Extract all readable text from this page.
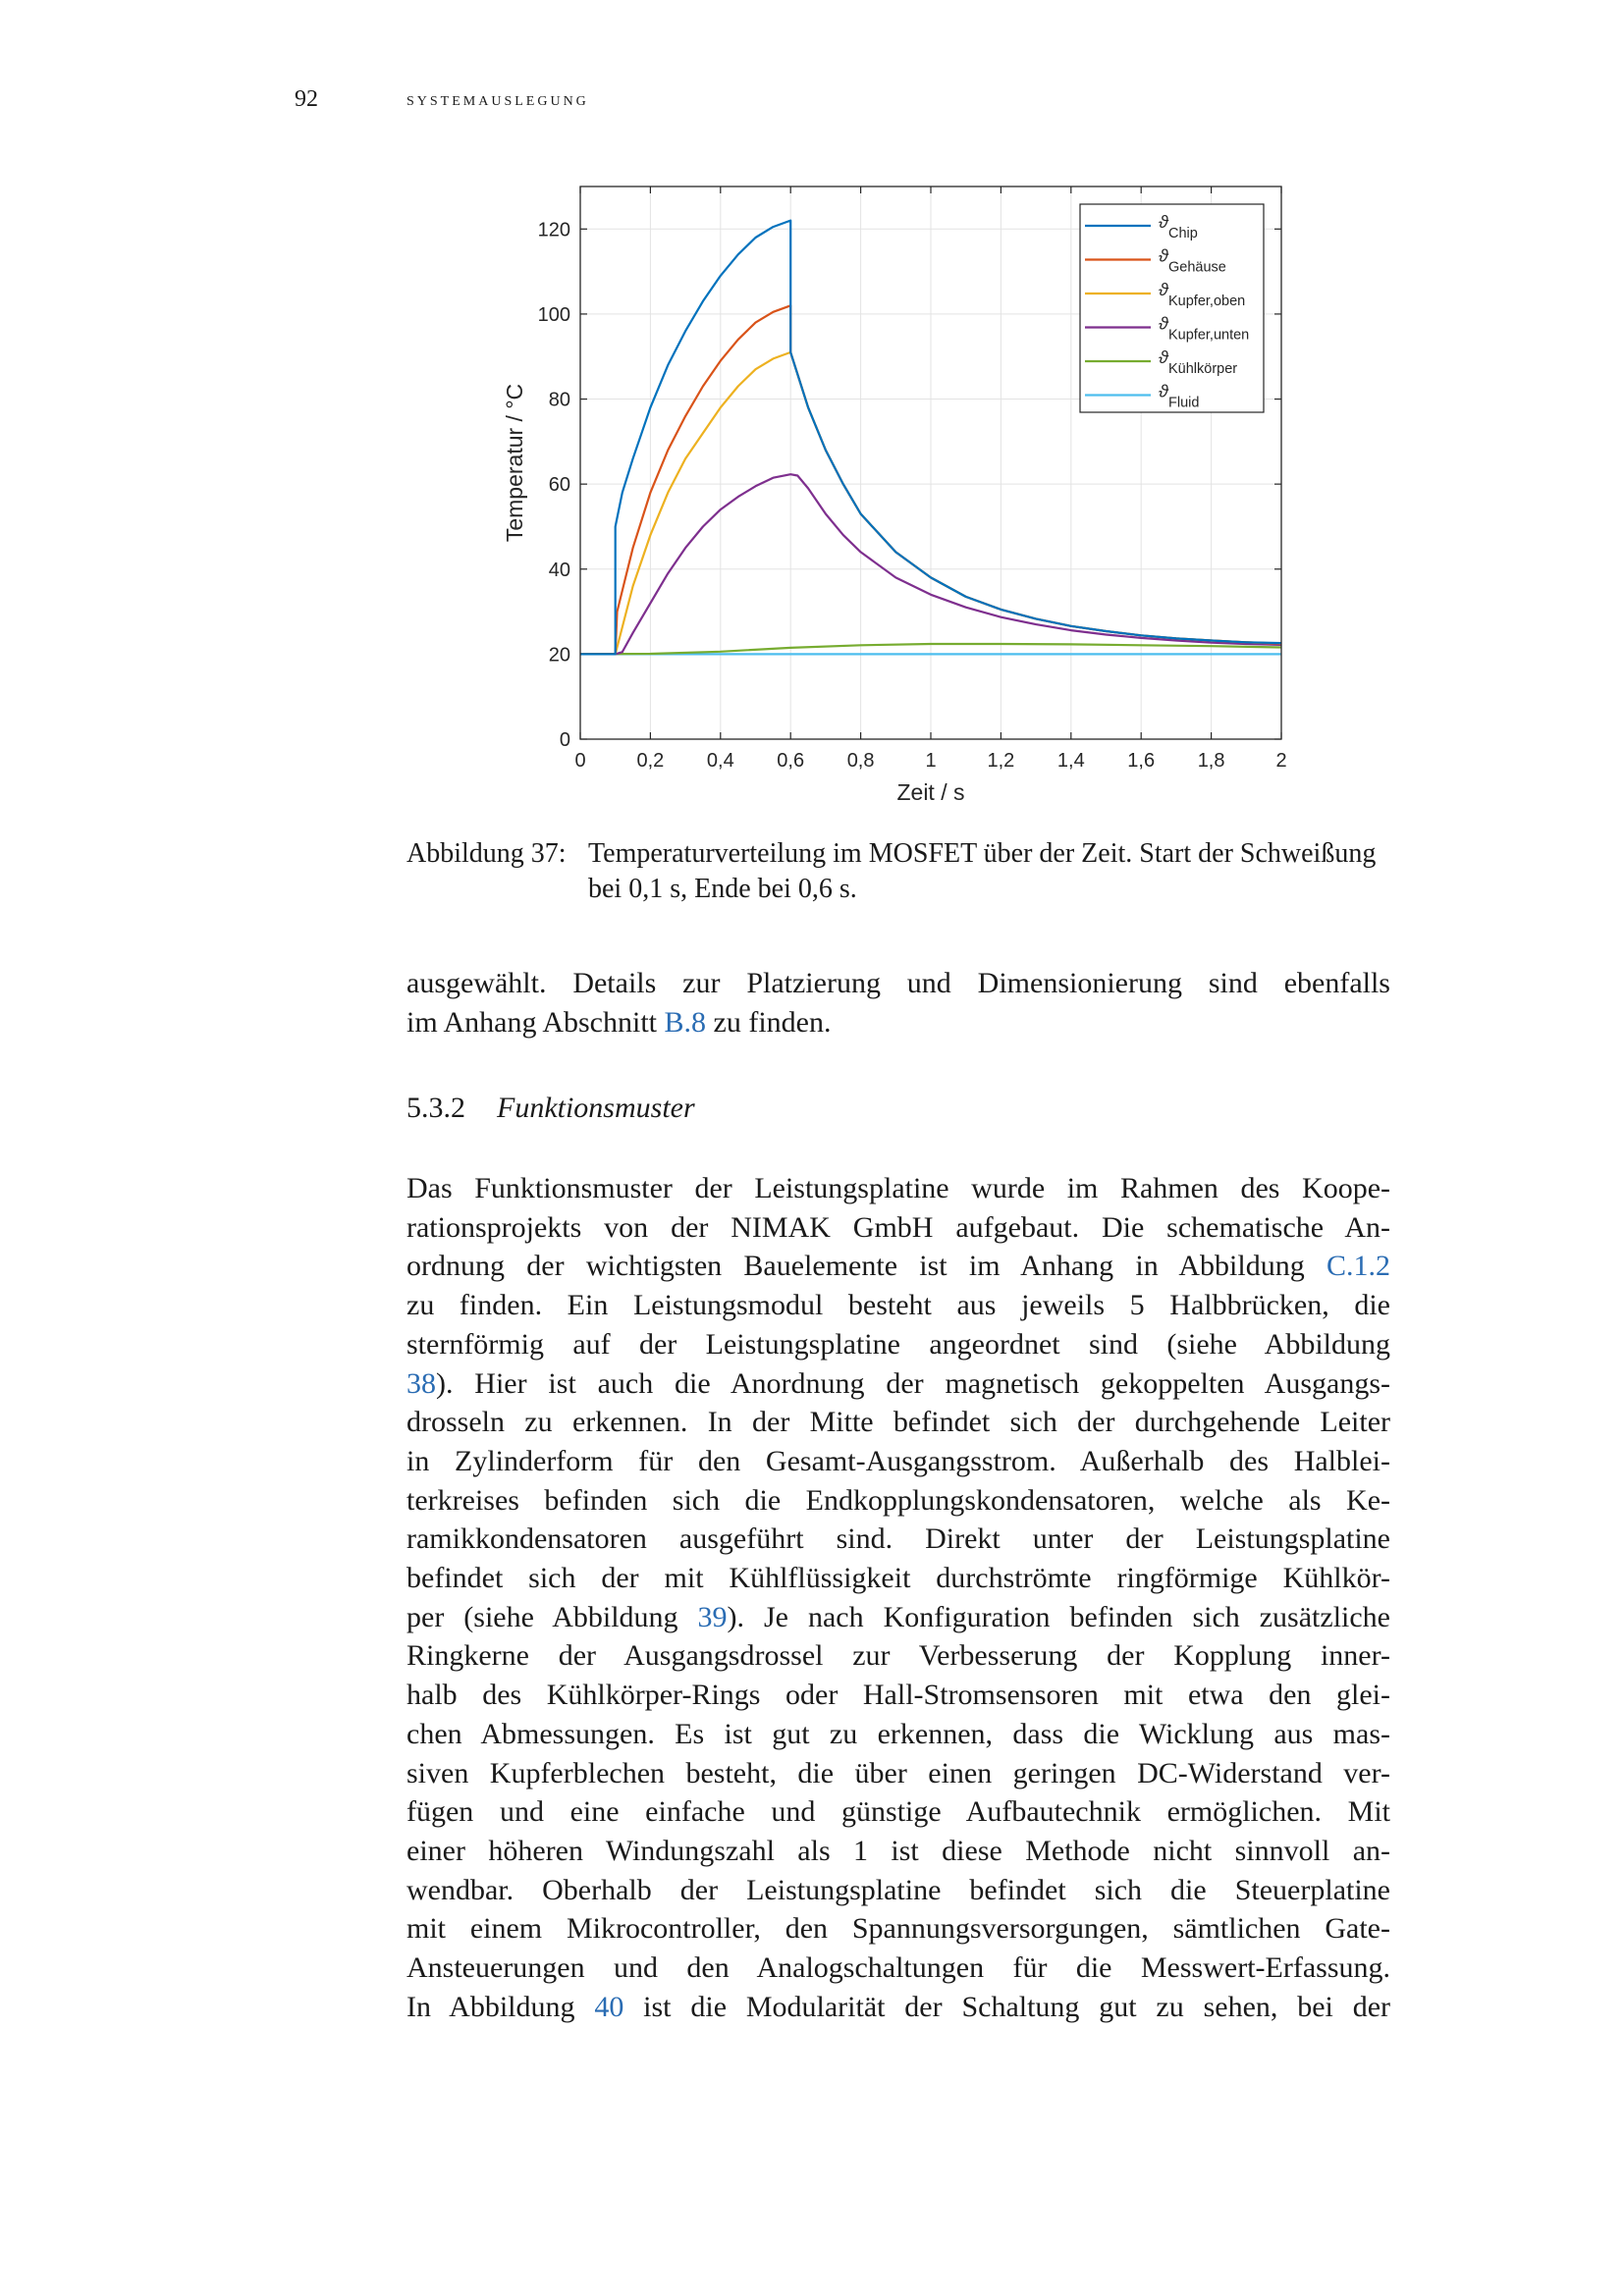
92	systemauslegung
0	0,2 0,4 0,6 0,8	1	1,2 1,4 1,6 1,8	2
0
20
40
60
80
100
120
Zeit / s
Temperatur / °C
ϑ
Chip
ϑ
Gehäuse
ϑ
Kupfer,oben
ϑ
Kupfer,unten
ϑ
Kühlkörper
ϑ
Fluid
Abbildung 37: Temperaturverteilung im MOSFET über der Zeit. Start der Schweißung bei 0,1 s, Ende bei 0,6 s.
ausgewählt. Details zur Platzierung und Dimensionierung sind ebenfalls
im Anhang Abschnitt B.8 zu finden.
5.3.2 Funktionsmuster
Das Funktionsmuster der Leistungsplatine wurde im Rahmen des Koope-
rationsprojekts von der NIMAK GmbH aufgebaut. Die schematische An-
ordnung der wichtigsten Bauelemente ist im Anhang in Abbildung C.1.2
zu finden. Ein Leistungsmodul besteht aus jeweils 5 Halbbrücken, die
sternförmig auf der Leistungsplatine angeordnet sind (siehe Abbildung
38). Hier ist auch die Anordnung der magnetisch gekoppelten Ausgangs-
drosseln zu erkennen. In der Mitte befindet sich der durchgehende Leiter
in Zylinderform für den Gesamt-Ausgangsstrom. Außerhalb des Halblei-
terkreises befinden sich die Endkopplungskondensatoren, welche als Ke-
ramikkondensatoren ausgeführt sind. Direkt unter der Leistungsplatine
befindet sich der mit Kühlflüssigkeit durchströmte ringförmige Kühlkör-
per (siehe Abbildung 39). Je nach Konfiguration befinden sich zusätzliche
Ringkerne der Ausgangsdrossel zur Verbesserung der Kopplung inner-
halb des Kühlkörper-Rings oder Hall-Stromsensoren mit etwa den glei-
chen Abmessungen. Es ist gut zu erkennen, dass die Wicklung aus mas-
siven Kupferblechen besteht, die über einen geringen DC-Widerstand ver-
fügen und eine einfache und günstige Aufbautechnik ermöglichen. Mit
einer höheren Windungszahl als 1 ist diese Methode nicht sinnvoll an-
wendbar. Oberhalb der Leistungsplatine befindet sich die Steuerplatine
mit einem Mikrocontroller, den Spannungsversorgungen, sämtlichen Gate-
Ansteuerungen und den Analogschaltungen für die Messwert-Erfassung.
In Abbildung 40 ist die Modularität der Schaltung gut zu sehen, bei der
